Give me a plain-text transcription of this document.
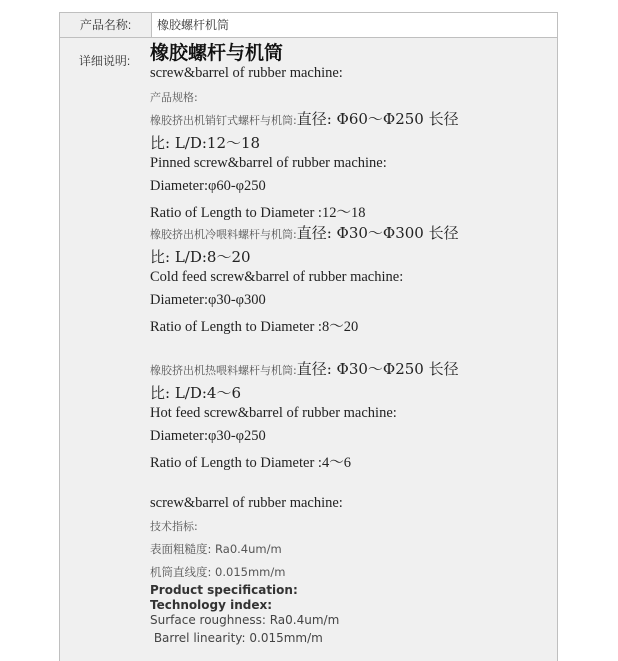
产品名称:	橡胶螺杆机筒
详细说明:	橡胶螺杆与机筒
screw&barrel of rubber machine:
产品规格:
橡胶挤出机销钉式螺杆与机筒:直径: Φ60～Φ250 长径
比: L/D:12～18
Pinned screw&barrel of rubber machine:
Diameter:φ60-φ250
Ratio of Length to Diameter :12～18
橡胶挤出机冷喂料螺杆与机筒:直径: Φ30～Φ300 长径
比: L/D:8～20
Cold feed screw&barrel of rubber machine:
Diameter:φ30-φ300
Ratio of Length to Diameter :8～20
橡胶挤出机热喂料螺杆与机筒:直径: Φ30～Φ250 长径
比: L/D:4～6
Hot feed screw&barrel of rubber machine:
Diameter:φ30-φ250
Ratio of Length to Diameter :4～6
screw&barrel of rubber machine:
技术指标:
表面粗糙度: Ra0.4um/m
机筒直线度: 0.015mm/m
Product specification:
Technology index:
Surface roughness: Ra0.4um/m
Barrel linearity: 0.015mm/m
